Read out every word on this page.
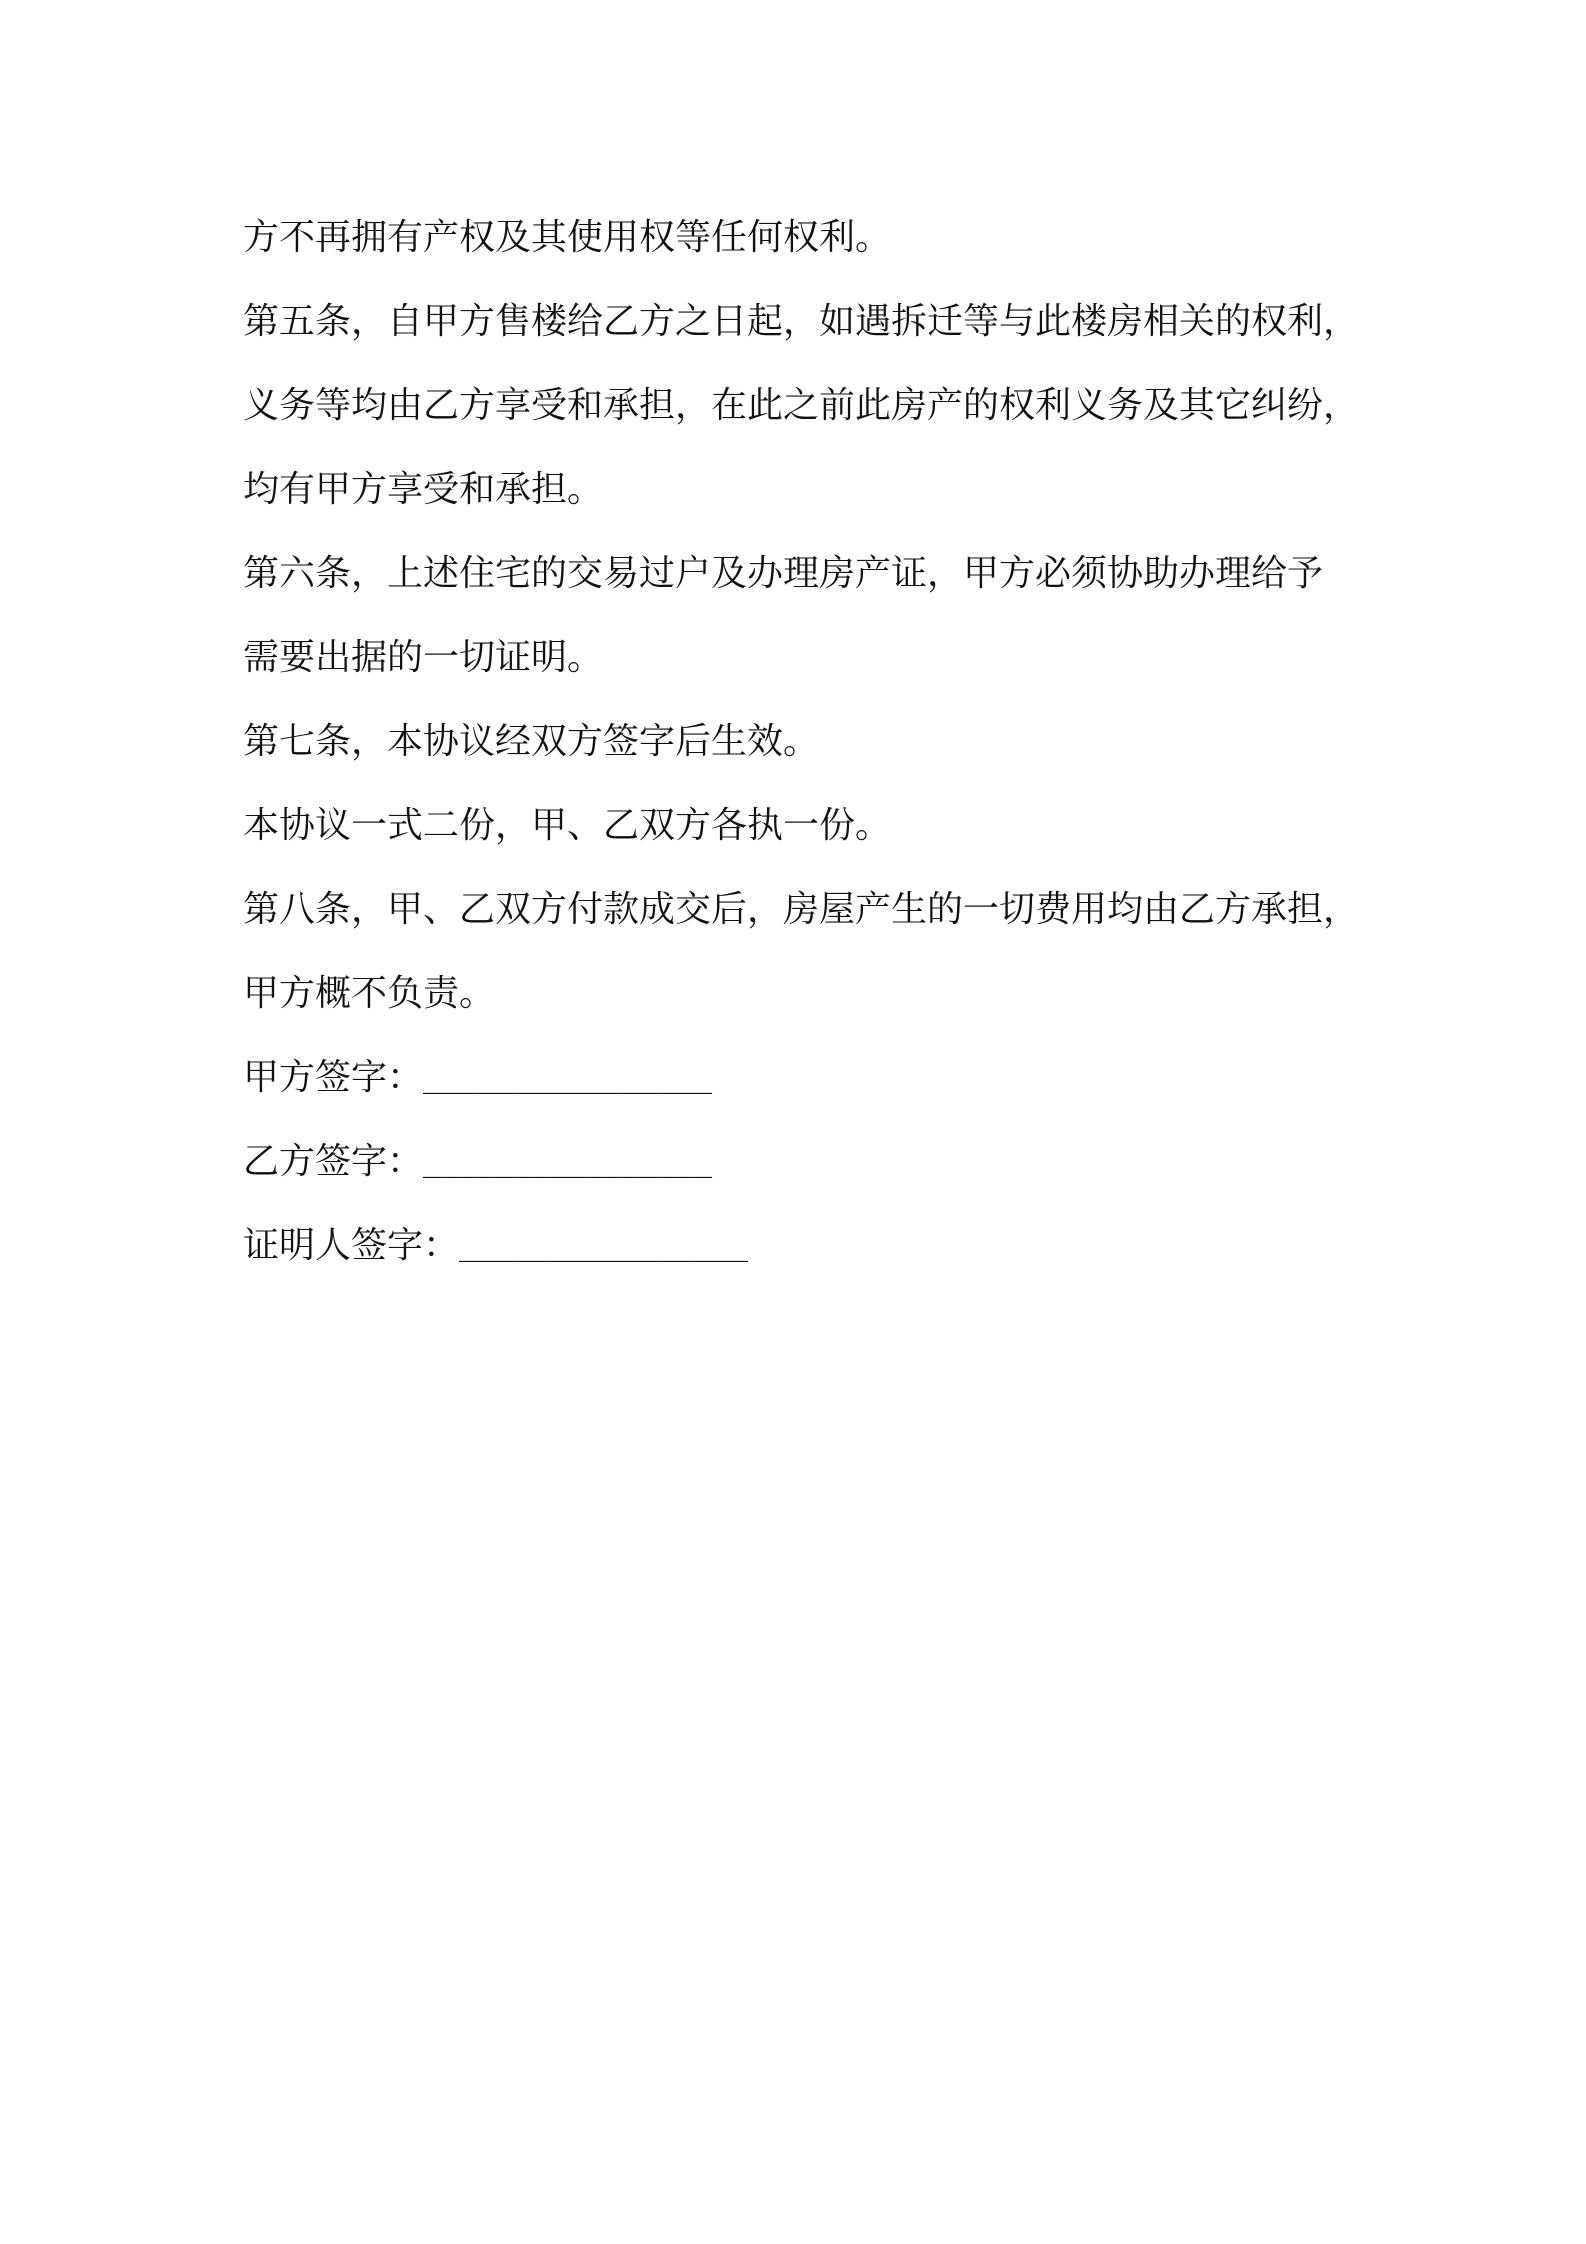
方不再拥有产权及其使用权等任何权利。
第五条，自甲方售楼给乙方之日起，如遇拆迁等与此楼房相关的权利，
义务等均由乙方享受和承担，在此之前此房产的权利义务及其它纠纷，
均有甲方享受和承担。
第六条，上述住宅的交易过户及办理房产证，甲方必须协助办理给予
需要出据的一切证明。
第七条，本协议经双方签字后生效。
本协议一式二份，甲、乙双方各执一份。
第八条，甲、乙双方付款成交后，房屋产生的一切费用均由乙方承担，
甲方概不负责。
甲方签字：________________
乙方签字：________________
证明人签字：________________
